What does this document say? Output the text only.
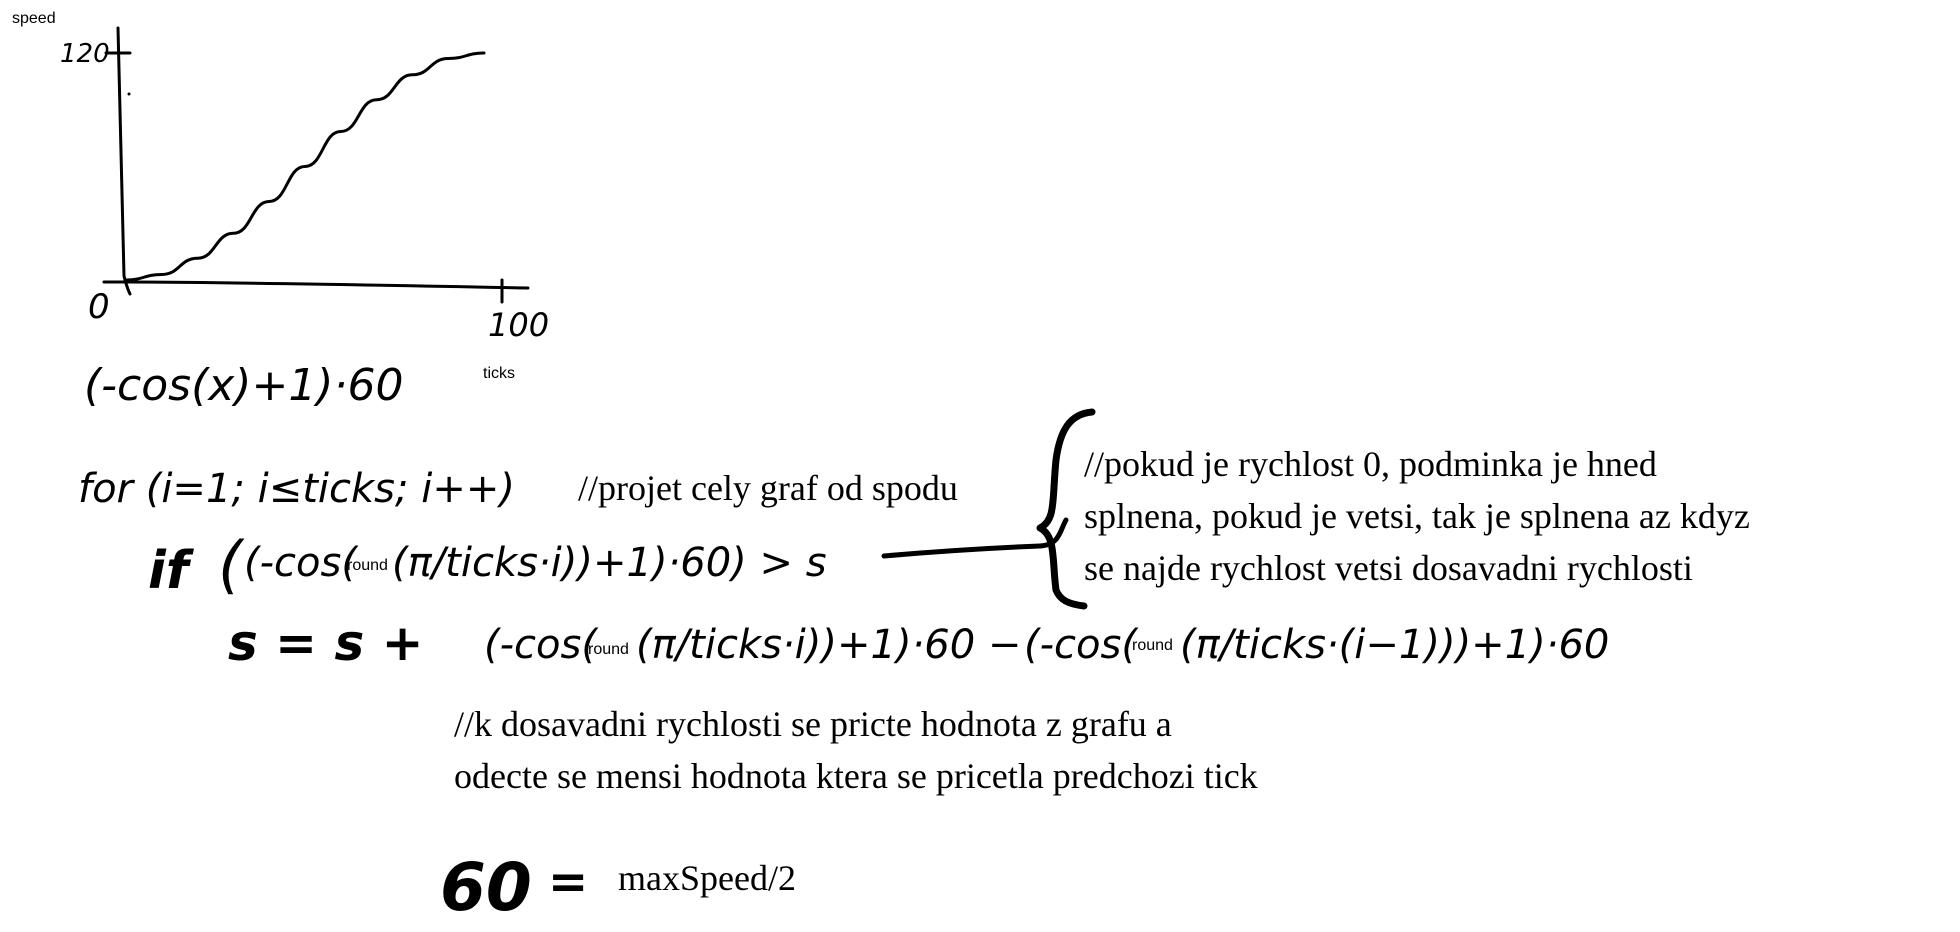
speed
ticks
120
0	100
(-cos(x)+1)·60
for (i=1; i≤ticks; i++)
if ( (-cos(
round (π/ticks·i))+1)·60) > s
s = s + (-cos(
round (π/ticks·i))+1)·60 − (-cos(
round (π/ticks·(i−1)))+1)·60
60 =

//projet cely graf od spodu

//pokud je rychlost 0, podminka je hned
splnena, pokud je vetsi, tak je splnena az kdyz
se najde rychlost vetsi dosavadni rychlosti
//k dosavadni rychlosti se pricte hodnota z grafu a
odecte se mensi hodnota ktera se pricetla predchozi tick

maxSpeed/2
